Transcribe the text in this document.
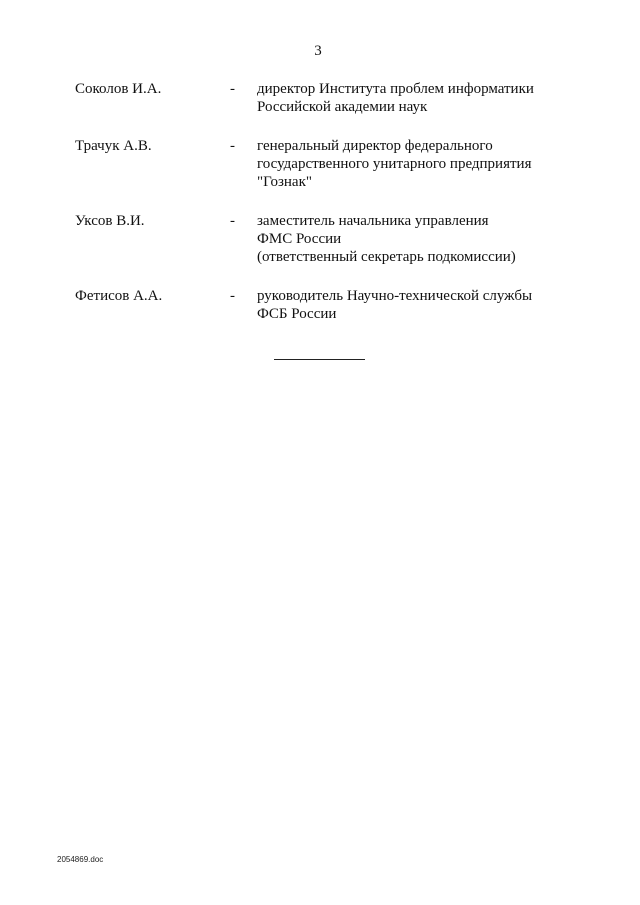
3
Соколов И.А.	-	директор Института проблем информатики
Российской академии наук
Трачук А.В.	-	генеральный директор федерального
государственного унитарного предприятия
"Гознак"
Уксов В.И.	-	заместитель начальника управления
ФМС России
(ответственный секретарь подкомиссии)
Фетисов А.А.	-	руководитель Научно-технической службы
ФСБ России
2054869.doc
